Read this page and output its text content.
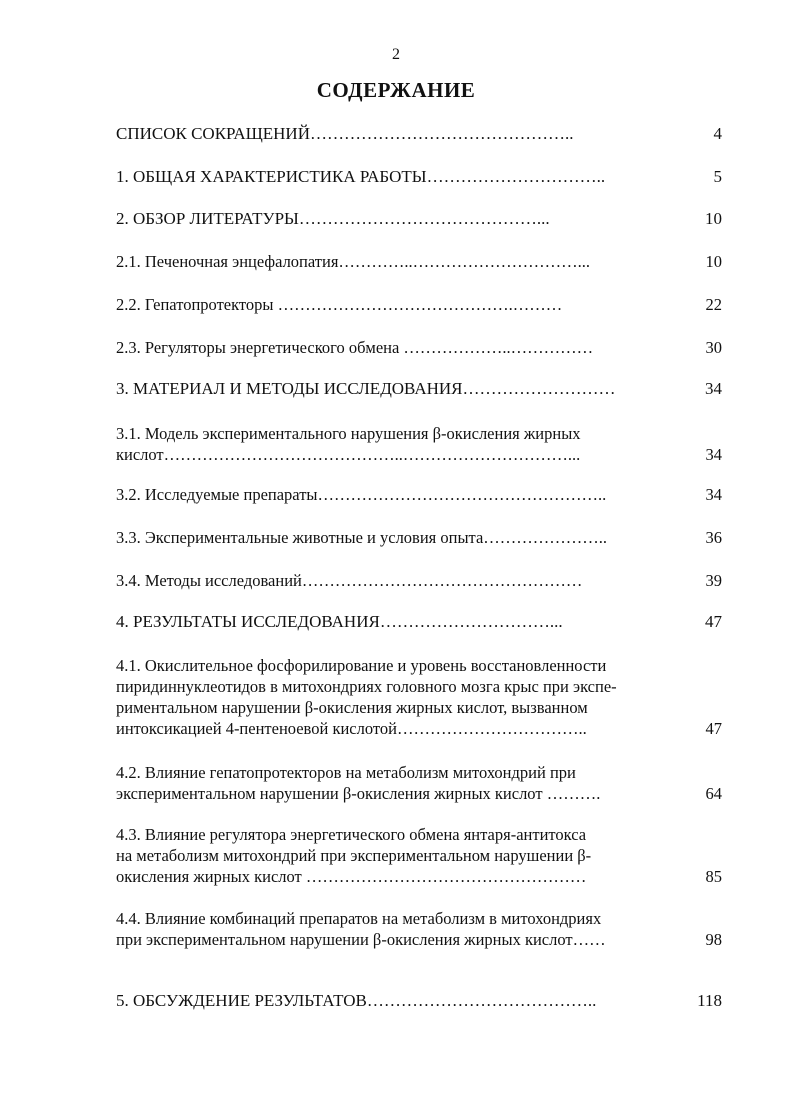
2
СОДЕРЖАНИЕ
СПИСОК СОКРАЩЕНИЙ………………………………………..	4
1. ОБЩАЯ ХАРАКТЕРИСТИКА РАБОТЫ…………………………..	5
2. ОБЗОР ЛИТЕРАТУРЫ……………………………………...	10
2.1. Печеночная энцефалопатия…………..…………………………...	10
2.2. Гепатопротекторы …………………………………….………	22
2.3. Регуляторы энергетического обмена ………………..……………	30
3. МАТЕРИАЛ И МЕТОДЫ ИССЛЕДОВАНИЯ………………………	34
3.1. Модель экспериментального нарушения β-окисления жирных
кислот……………………………………..…………………………...	34
3.2. Исследуемые препараты……………………………………………..	34
3.3. Экспериментальные животные и условия опыта…………………..	36
3.4. Методы исследований……………………………………………	39
4. РЕЗУЛЬТАТЫ ИССЛЕДОВАНИЯ…………………………...	47
4.1. Окислительное фосфорилирование и уровень восстановленности
пиридиннуклеотидов в митохондриях головного мозга крыс при экспе-
риментальном нарушении β-окисления жирных кислот, вызванном
интоксикацией 4-пентеноевой кислотой……………………………..	47
4.2. Влияние гепатопротекторов на метаболизм митохондрий при
экспериментальном нарушении β-окисления жирных кислот ……….	64
4.3. Влияние регулятора энергетического обмена янтаря-антитокса
на метаболизм митохондрий при экспериментальном нарушении β-
окисления жирных кислот ……………………………………………	85
4.4. Влияние комбинаций препаратов на метаболизм в митохондриях
при экспериментальном нарушении β-окисления жирных кислот……	98
5. ОБСУЖДЕНИЕ РЕЗУЛЬТАТОВ…………………………………..	118
